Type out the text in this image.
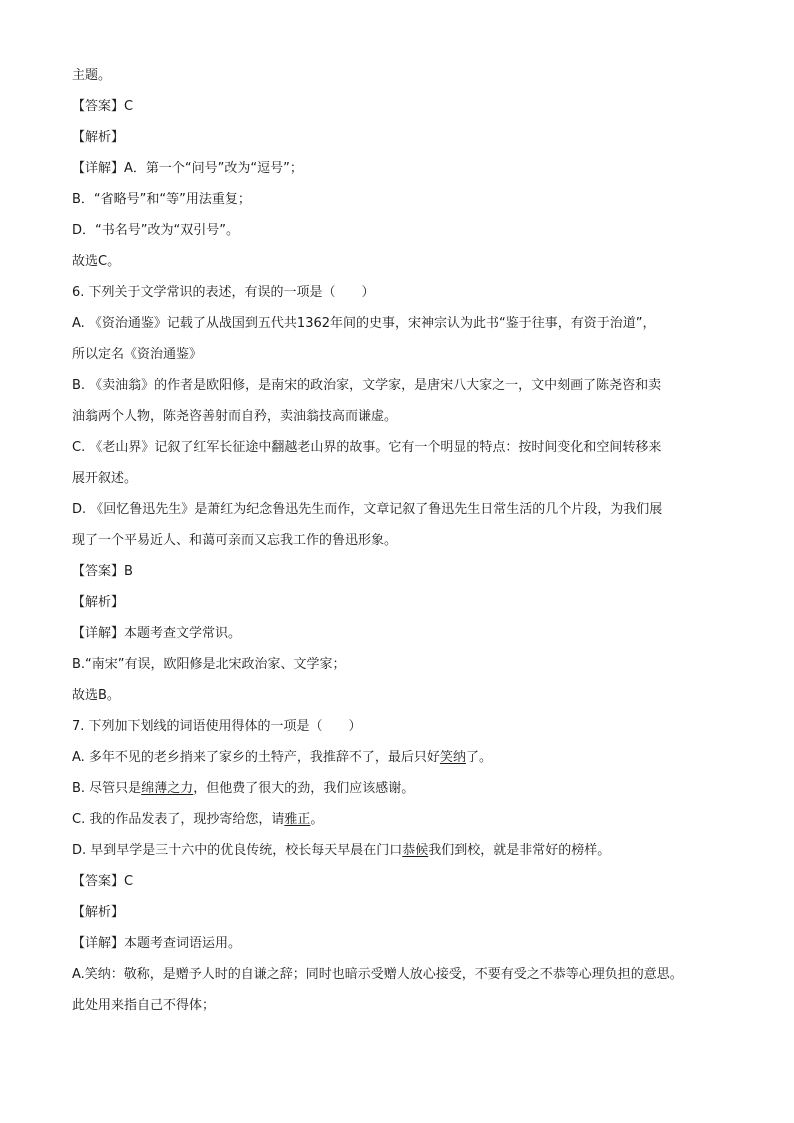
主题。
【答案】C
【解析】
【详解】A．第一个“问号”改为“逗号”；
B．“省略号”和“等”用法重复；
D．“书名号”改为“双引号”。
故选C。
6. 下列关于文学常识的表述，有误的一项是（　　）
A. 《资治通鉴》记载了从战国到五代共1362年间的史事，宋神宗认为此书“鉴于往事，有资于治道”，
所以定名《资治通鉴》
B. 《卖油翁》的作者是欧阳修，是南宋的政治家，文学家，是唐宋八大家之一，文中刻画了陈尧咨和卖
油翁两个人物，陈尧咨善射而自矜，卖油翁技高而谦虚。
C. 《老山界》记叙了红军长征途中翻越老山界的故事。它有一个明显的特点：按时间变化和空间转移来
展开叙述。
D. 《回忆鲁迅先生》是萧红为纪念鲁迅先生而作，文章记叙了鲁迅先生日常生活的几个片段，为我们展
现了一个平易近人、和蔼可亲而又忘我工作的鲁迅形象。
【答案】B
【解析】
【详解】本题考查文学常识。
B.“南宋”有误，欧阳修是北宋政治家、文学家；
故选B。
7. 下列加下划线的词语使用得体的一项是（　　）
A. 多年不见的老乡捎来了家乡的土特产，我推辞不了，最后只好笑纳了。
B. 尽管只是绵薄之力，但他费了很大的劲，我们应该感谢。
C. 我的作品发表了，现抄寄给您，请雅正。
D. 早到早学是三十六中的优良传统，校长每天早晨在门口恭候我们到校，就是非常好的榜样。
【答案】C
【解析】
【详解】本题考查词语运用。
A.笑纳：敬称，是赠予人时的自谦之辞；同时也暗示受赠人放心接受，不要有受之不恭等心理负担的意思。
此处用来指自己不得体；
